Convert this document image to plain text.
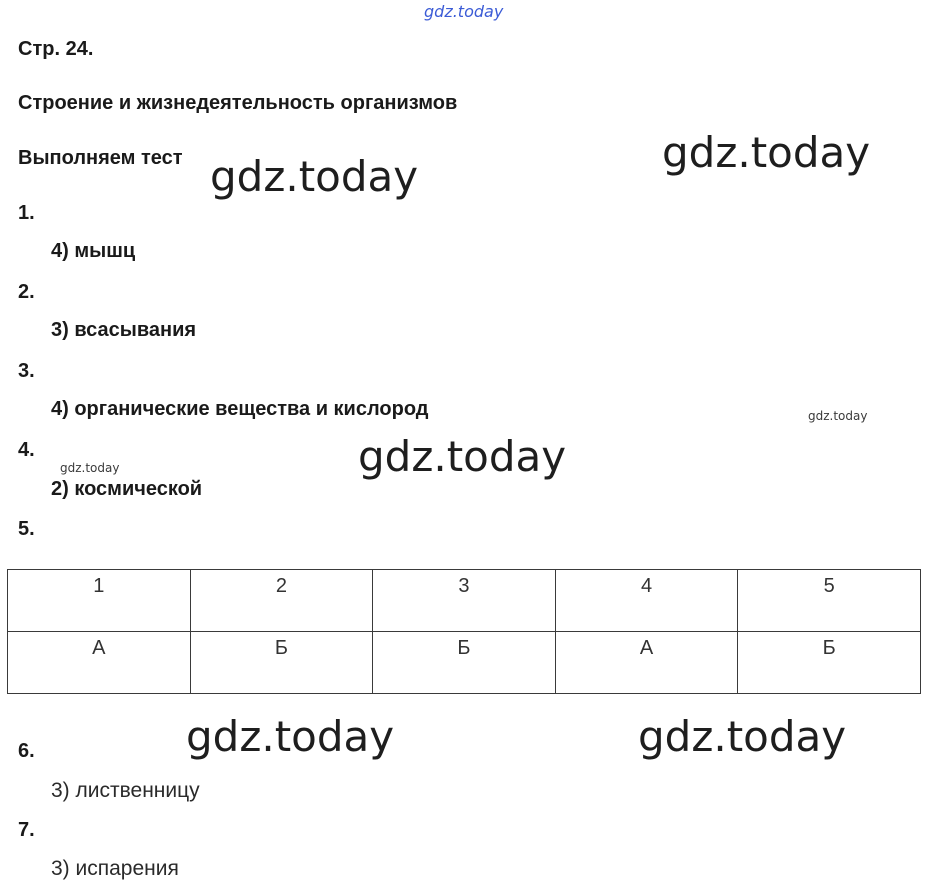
gdz.today
Стр. 24.
Строение и жизнедеятельность организмов
Выполняем тест gdz.today	gdz.today
gdz.today
gdz.today	gdz.today
gdz.today
gdz.today
1.
4) мышц
2.
3) всасывания
3.
4) органические вещества и кислород
4.
2) космической
5.
1	2	3	4	5
А	Б	Б	А	Б
6.
3) лиственницу
7.
3) испарения
